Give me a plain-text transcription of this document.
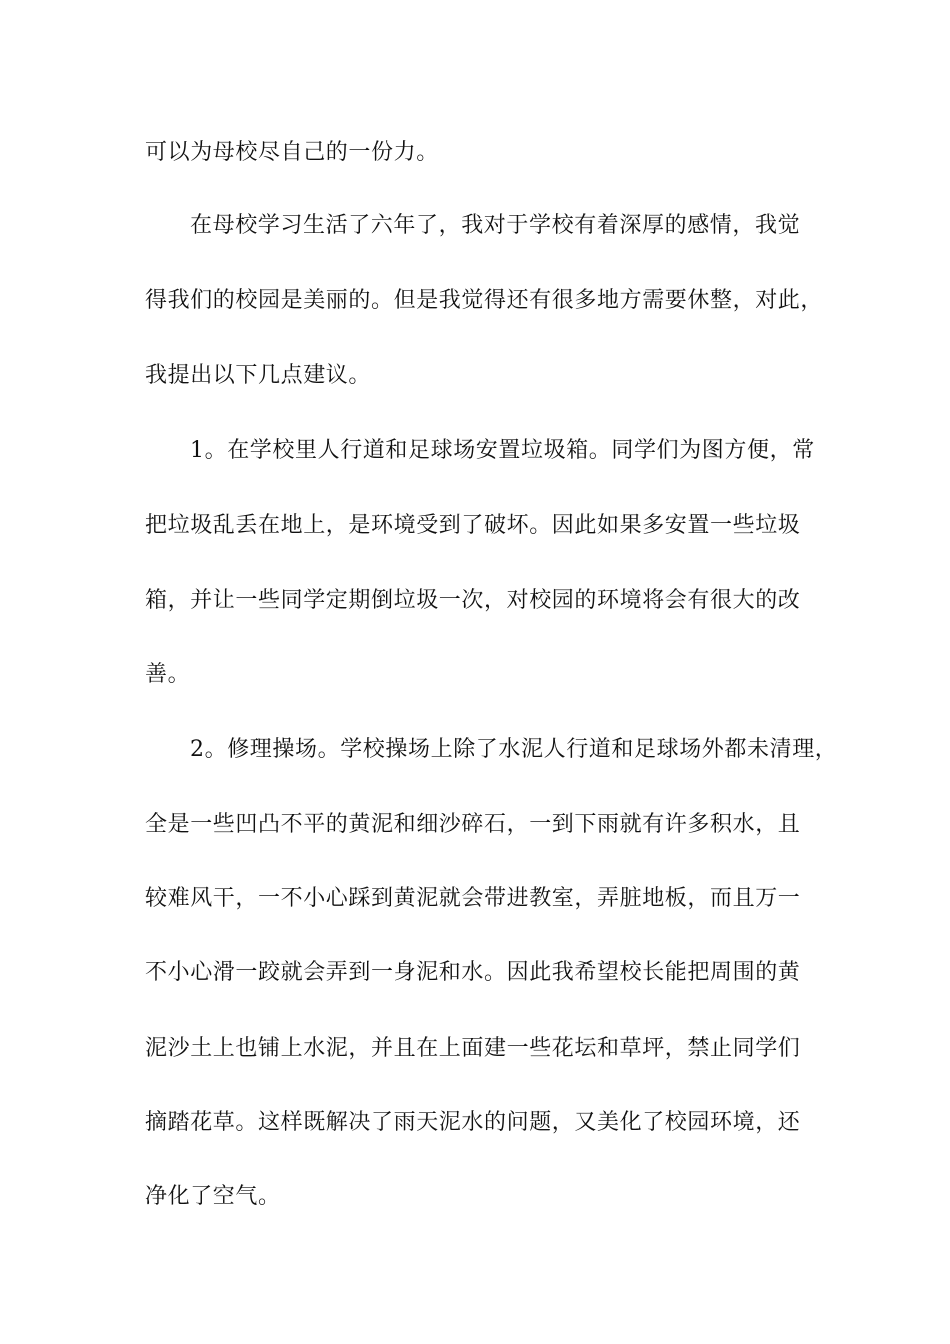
可以为母校尽自己的一份力。
在母校学习生活了六年了，我对于学校有着深厚的感情，我觉
得我们的校园是美丽的。但是我觉得还有很多地方需要休整，对此，
我提出以下几点建议。
1。在学校里人行道和足球场安置垃圾箱。同学们为图方便，常
把垃圾乱丢在地上，是环境受到了破坏。因此如果多安置一些垃圾
箱，并让一些同学定期倒垃圾一次，对校园的环境将会有很大的改
善。
2。修理操场。学校操场上除了水泥人行道和足球场外都未清理，
全是一些凹凸不平的黄泥和细沙碎石，一到下雨就有许多积水，且
较难风干，一不小心踩到黄泥就会带进教室，弄脏地板，而且万一
不小心滑一跤就会弄到一身泥和水。因此我希望校长能把周围的黄
泥沙土上也铺上水泥，并且在上面建一些花坛和草坪，禁止同学们
摘踏花草。这样既解决了雨天泥水的问题，又美化了校园环境，还
净化了空气。
